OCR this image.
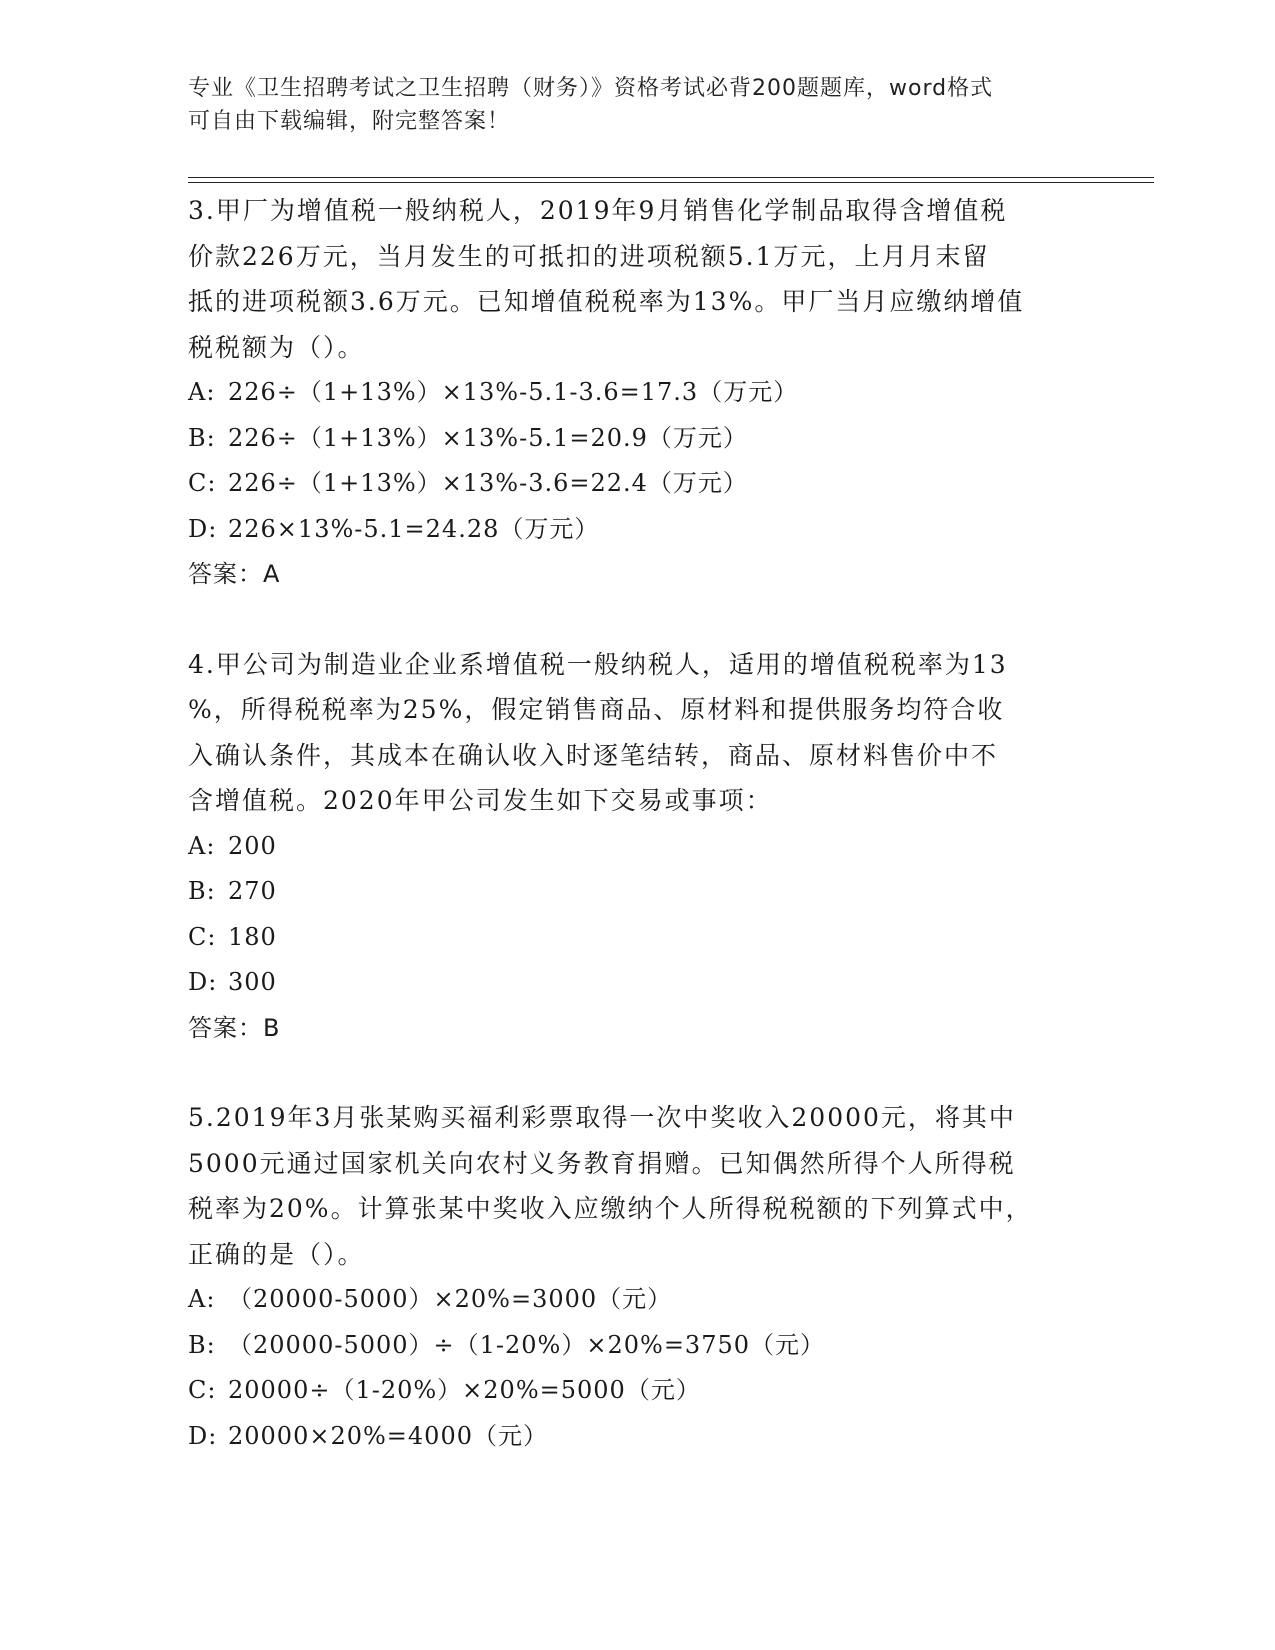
专业《卫生招聘考试之卫生招聘（财务）》资格考试必背200题题库，word格式
可自由下载编辑，附完整答案！

3.甲厂为增值税一般纳税人，2019年9月销售化学制品取得含增值税

价款226万元，当月发生的可抵扣的进项税额5.1万元，上月月末留

抵的进项税额3.6万元。已知增值税税率为13%。甲厂当月应缴纳增值

税税额为（）。

A: 226÷（1+13%）×13%-5.1-3.6=17.3（万元）

B: 226÷（1+13%）×13%-5.1=20.9（万元）

C: 226÷（1+13%）×13%-3.6=22.4（万元）

D: 226×13%-5.1=24.28（万元）

答案：A

4.甲公司为制造业企业系增值税一般纳税人，适用的增值税税率为13

%，所得税税率为25%，假定销售商品、原材料和提供服务均符合收

入确认条件，其成本在确认收入时逐笔结转，商品、原材料售价中不

含增值税。2020年甲公司发生如下交易或事项：

A: 200

B: 270

C: 180

D: 300

答案：B

5.2019年3月张某购买福利彩票取得一次中奖收入20000元，将其中

5000元通过国家机关向农村义务教育捐赠。已知偶然所得个人所得税

税率为20%。计算张某中奖收入应缴纳个人所得税税额的下列算式中，

正确的是（）。

A: （20000-5000）×20%=3000（元）

B: （20000-5000）÷（1-20%）×20%=3750（元）

C: 20000÷（1-20%）×20%=5000（元）

D: 20000×20%=4000（元）
